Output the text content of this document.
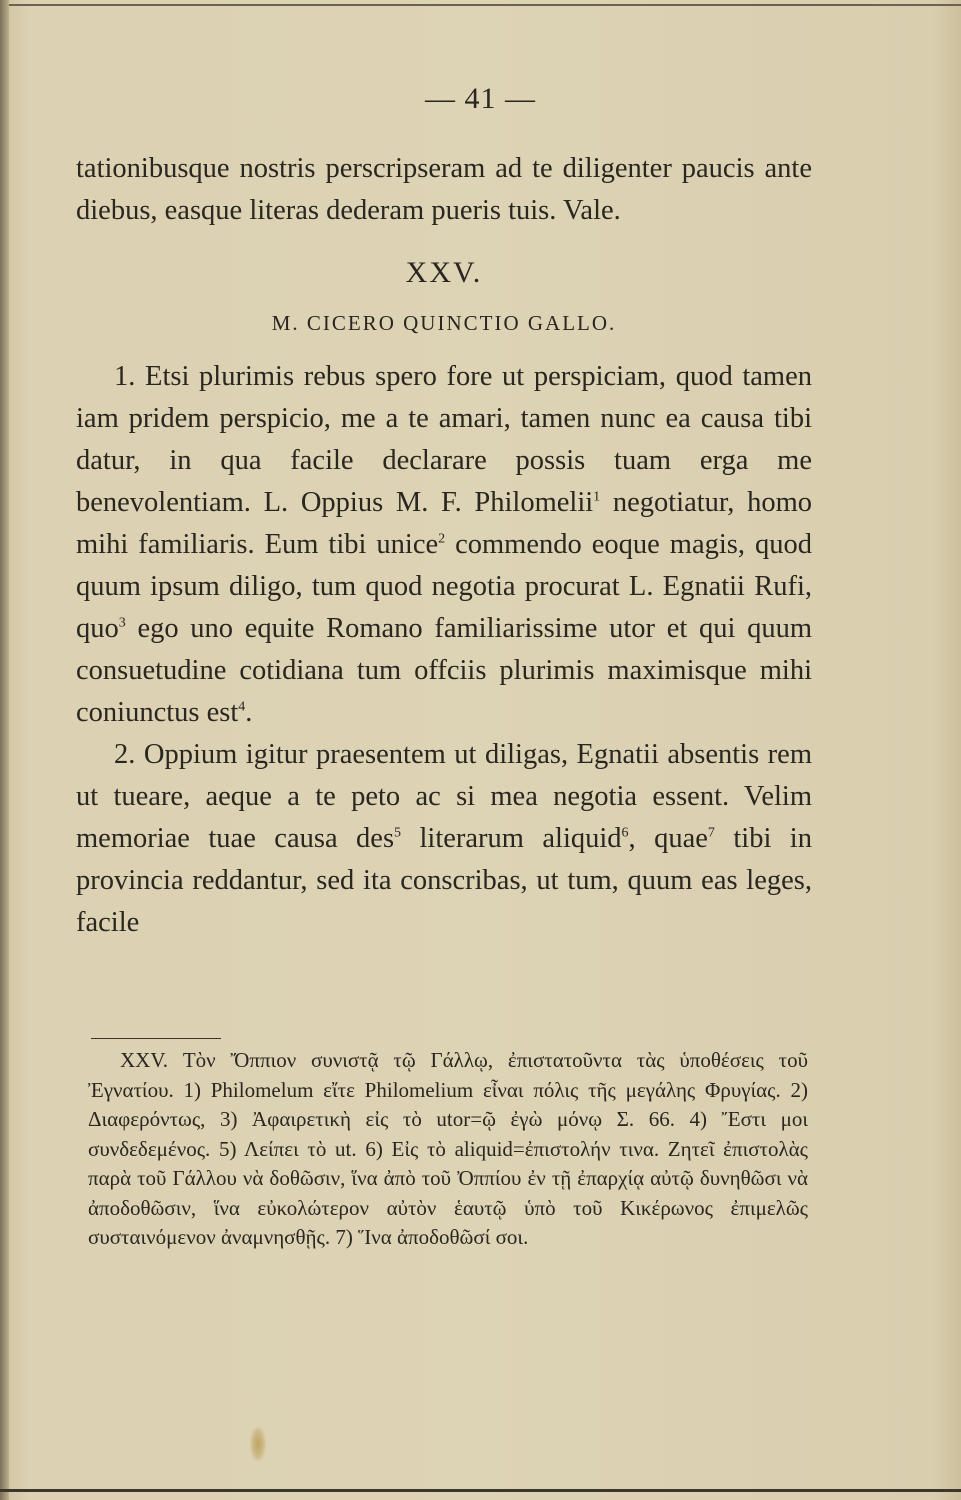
— 41 —

tationibusque nostris perscripseram ad te diligenter paucis ante diebus, easque literas dederam pueris tuis. Vale.

XXV.

M. CICERO QUINCTIO GALLO.

1. Etsi plurimis rebus spero fore ut perspiciam, quod tamen iam pridem perspicio, me a te amari, tamen nunc ea causa tibi datur, in qua facile declarare possis tuam erga me benevolentiam. L. Oppius M. F. Philomelii$^1$ negotiatur, homo mihi familiaris. Eum tibi unice$^2$ commendo eoque magis, quod quum ipsum diligo, tum quod negotia procurat L. Egnatii Rufi, quo$^3$ ego uno equite Romano familiarissime utor et qui quum consuetudine cotidiana tum offciis plurimis maximisque mihi coniunctus est$^4$.

2. Oppium igitur praesentem ut diligas, Egnatii absentis rem ut tueare, aeque a te peto ac si mea negotia essent. Velim memoriae tuae causa des$^5$ literarum aliquid$^6$, quae$^7$ tibi in provincia reddantur, sed ita conscribas, ut tum, quum eas leges, facile

XXV. Τὸν Ὄππιον συνιστᾷ τῷ Γάλλῳ, ἐπιστατοῦντα τὰς ὑποθέσεις τοῦ Ἐγνατίου. 1) Philomelum εἴτε Philomelium εἶναι πόλις τῆς μεγάλης Φρυγίας. 2) Διαφερόντως, 3) Ἀφαιρετικὴ εἰς τὸ utor=ῷ ἐγὼ μόνῳ Σ. 66. 4) Ἔστι μοι συνδεδεμένος. 5) Λείπει τὸ ut. 6) Εἰς τὸ aliquid=ἐπιστολήν τινα. Ζητεῖ ἐπιστολὰς παρὰ τοῦ Γάλλου νὰ δοθῶσιν, ἵνα ἀπὸ τοῦ Ὀππίου ἐν τῇ ἐπαρχίᾳ αὐτῷ δυνηθῶσι νὰ ἀποδοθῶσιν, ἵνα εὐκολώτερον αὐτὸν ἑαυτῷ ὑπὸ τοῦ Κικέρωνος ἐπιμελῶς συσταινόμενον ἀναμνησθῇς. 7) Ἵνα ἀποδοθῶσί σοι.
